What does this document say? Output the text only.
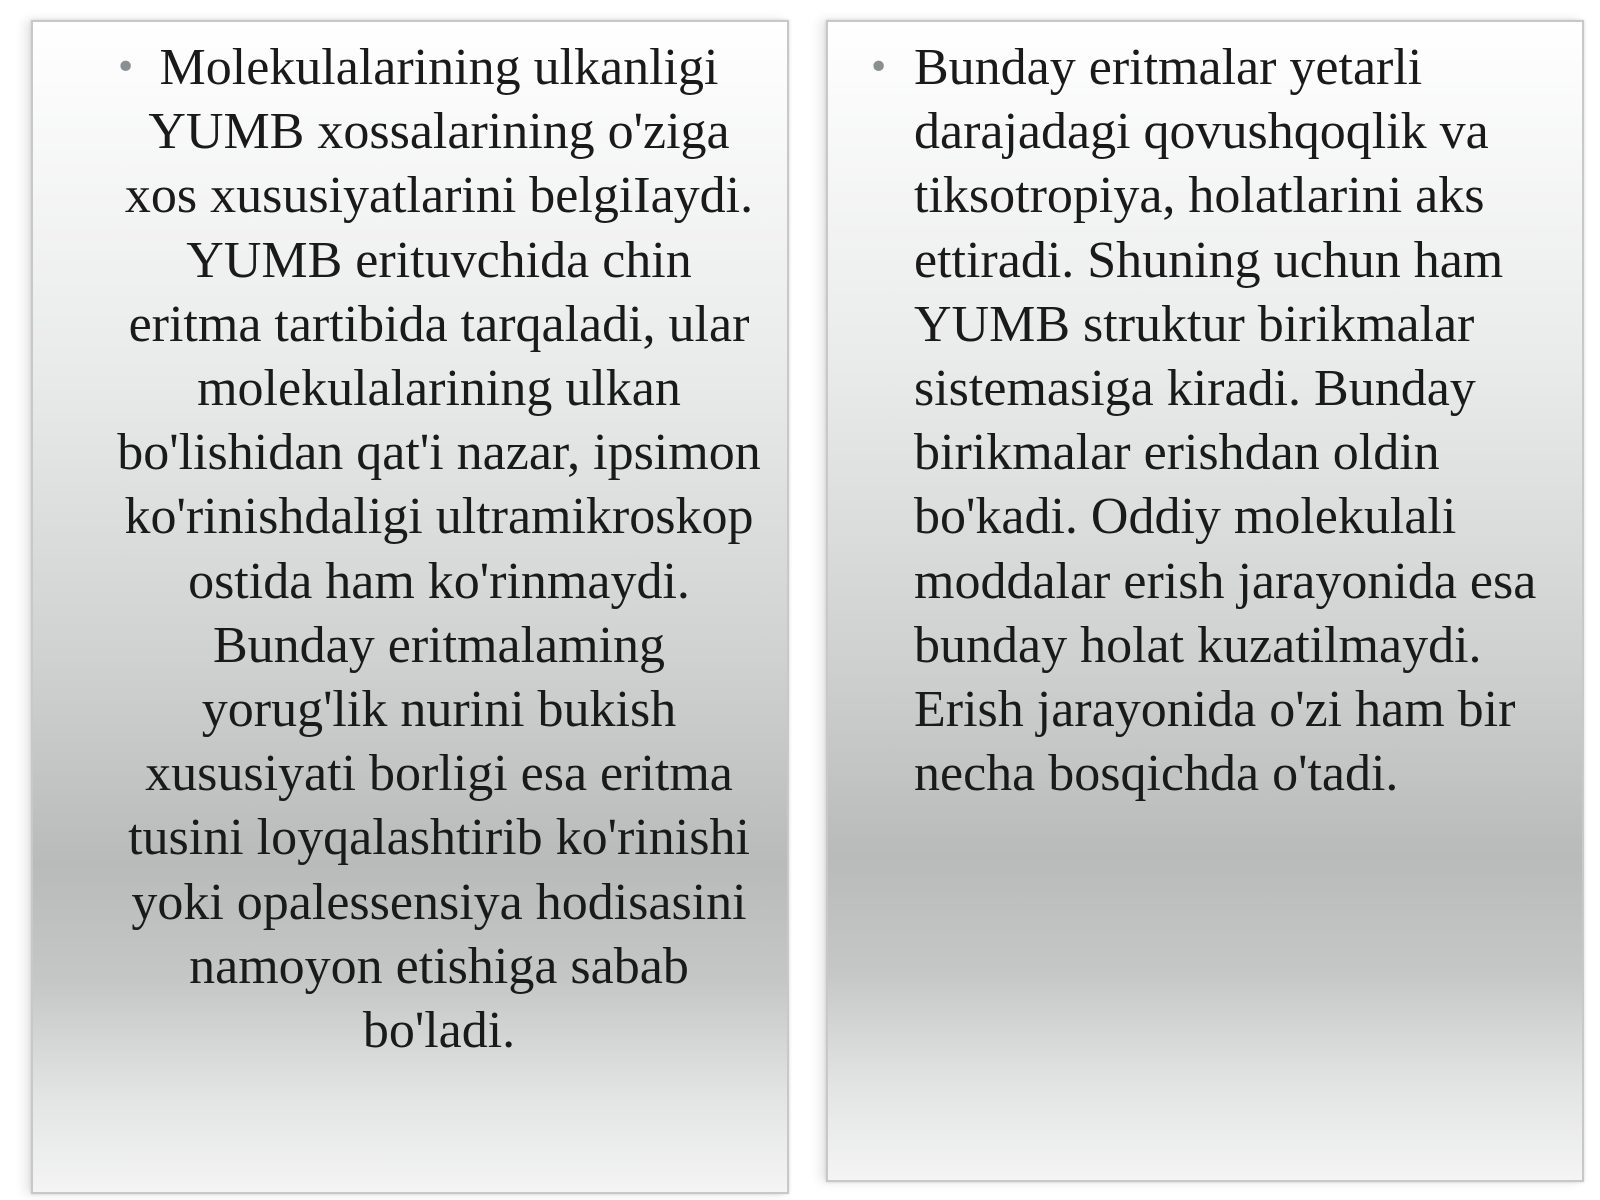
• Molekulalarining ulkanligi
YUMB xossalarining o'ziga
xos xususiyatlarini belgiIaydi.
YUMB erituvchida chin
eritma tartibida tarqaladi, ular
molekulalarining ulkan
bo'lishidan qat'i nazar, ipsimon
ko'rinishdaligi ultramikroskop
ostida ham ko'rinmaydi.
Bunday eritmalaming
yorug'lik nurini bukish
xususiyati borligi esa eritma
tusini loyqalashtirib ko'rinishi
yoki opalessensiya hodisasini
namoyon etishiga sabab
bo'ladi.
• Bunday eritmalar yetarli
darajadagi qovushqoqlik va
tiksotropiya, holatlarini aks
ettiradi. Shuning uchun ham
YUMB struktur birikmalar
sistemasiga kiradi. Bunday
birikmalar erishdan oldin
bo'kadi. Oddiy molekulali
moddalar erish jarayonida esa
bunday holat kuzatilmaydi.
Erish jarayonida o'zi ham bir
necha bosqichda o'tadi.
